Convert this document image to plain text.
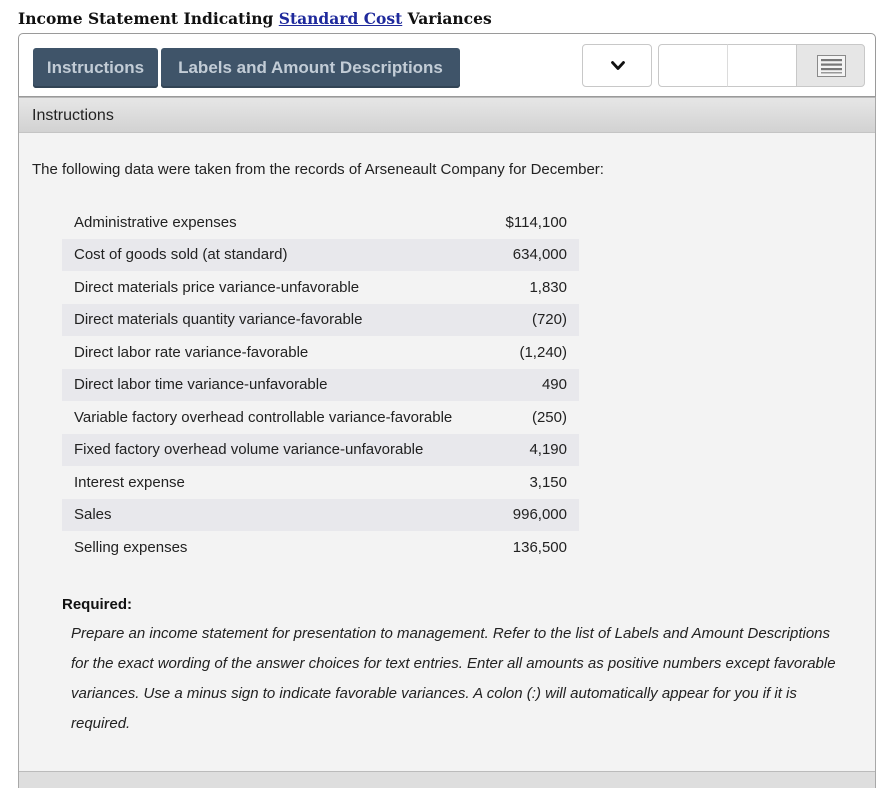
Income Statement Indicating Standard Cost Variances
Instructions	Labels and Amount Descriptions
Instructions
The following data were taken from the records of Arseneault Company for December:
Administrative expenses	$114,100
Cost of goods sold (at standard)	634,000
Direct materials price variance-unfavorable	1,830
Direct materials quantity variance-favorable	(720)
Direct labor rate variance-favorable	(1,240)
Direct labor time variance-unfavorable	490
Variable factory overhead controllable variance-favorable	(250)
Fixed factory overhead volume variance-unfavorable	4,190
Interest expense	3,150
Sales	996,000
Selling expenses	136,500
Required:
Prepare an income statement for presentation to management. Refer to the list of Labels and Amount Descriptions for the exact wording of the answer choices for text entries. Enter all amounts as positive numbers except favorable variances. Use a minus sign to indicate favorable variances. A colon (:) will automatically appear for you if it is required.
